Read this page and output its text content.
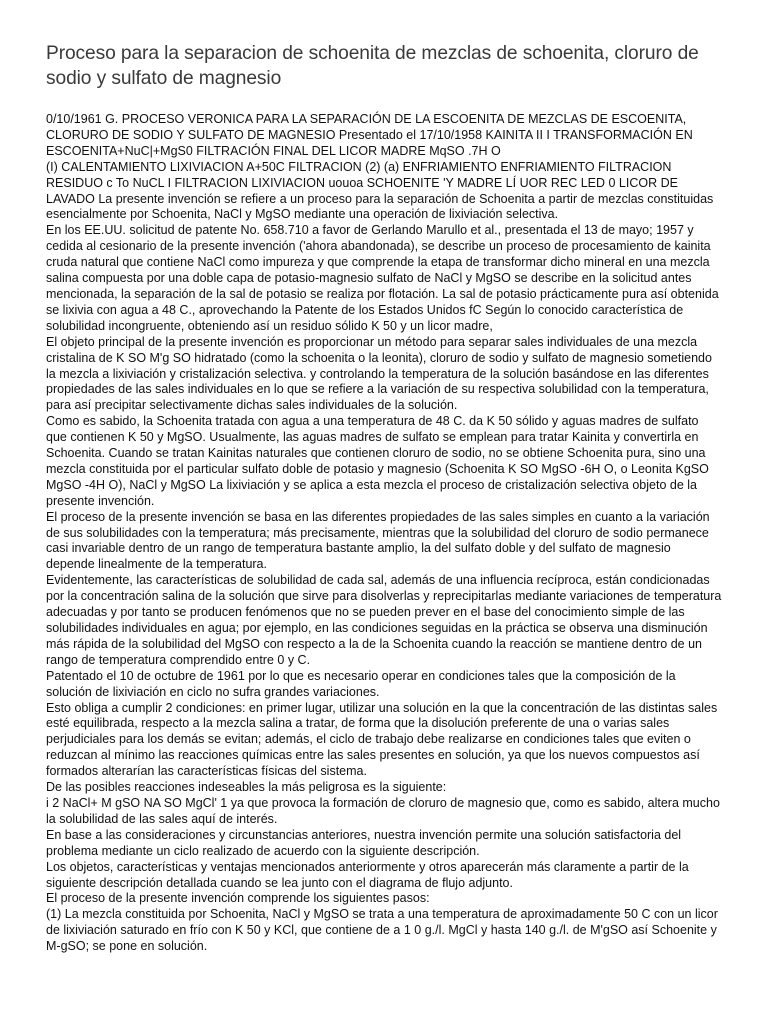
Proceso para la separacion de schoenita de mezclas de schoenita, cloruro de sodio y sulfato de magnesio

0/10/1961 G. PROCESO VERONICA PARA LA SEPARACIÓN DE LA ESCOENITA DE MEZCLAS DE ESCOENITA, CLORURO DE SODIO Y SULFATO DE MAGNESIO Presentado el 17/10/1958 KAINITA II I TRANSFORMACIÓN EN ESCOENITA+NuC|+MgS0 FILTRACIÓN FINAL DEL LICOR MADRE MqSO .7H O

(I) CALENTAMIENTO LIXIVIACION A+50C FILTRACION (2) (a) ENFRIAMIENTO ENFRIAMIENTO FILTRACION RESIDUO c To NuCL I FILTRACION LIXIVIACION uouoa SCHOENITE 'Y MADRE LÍ UOR REC LED 0 LICOR DE LAVADO La presente invención se refiere a un proceso para la separación de Schoenita a partir de mezclas constituidas esencialmente por Schoenita, NaCl y MgSO mediante una operación de lixiviación selectiva.

En los EE.UU. solicitud de patente No. 658.710 a favor de Gerlando Marullo et al., presentada el 13 de mayo; 1957 y cedida al cesionario de la presente invención ('ahora abandonada), se describe un proceso de procesamiento de kainita cruda natural que contiene NaCl como impureza y que comprende la etapa de transformar dicho mineral en una mezcla salina compuesta por una doble capa de potasio-magnesio sulfato de NaCl y MgSO se describe en la solicitud antes mencionada, la separación de la sal de potasio se realiza por flotación. La sal de potasio prácticamente pura así obtenida se lixivia con agua a 48 C., aprovechando la Patente de los Estados Unidos fC Según lo conocido característica de solubilidad incongruente, obteniendo así un residuo sólido K 50 y un licor madre,

El objeto principal de la presente invención es proporcionar un método para separar sales individuales de una mezcla cristalina de K SO M'g SO hidratado (como la schoenita o la leonita), cloruro de sodio y sulfato de magnesio sometiendo la mezcla a lixiviación y cristalización selectiva. y controlando la temperatura de la solución basándose en las diferentes propiedades de las sales individuales en lo que se refiere a la variación de su respectiva solubilidad con la temperatura, para así precipitar selectivamente dichas sales individuales de la solución.

Como es sabido, la Schoenita tratada con agua a una temperatura de 48 C. da K 50 sólido y aguas madres de sulfato que contienen K 50 y MgSO. Usualmente, las aguas madres de sulfato se emplean para tratar Kainita y convertirla en Schoenita. Cuando se tratan Kainitas naturales que contienen cloruro de sodio, no se obtiene Schoenita pura, sino una mezcla constituida por el particular sulfato doble de potasio y magnesio (Schoenita K SO MgSO -6H O, o Leonita KgSO MgSO -4H O), NaCl y MgSO La lixiviación y se aplica a esta mezcla el proceso de cristalización selectiva objeto de la presente invención.

El proceso de la presente invención se basa en las diferentes propiedades de las sales simples en cuanto a la variación de sus solubilidades con la temperatura; más precisamente, mientras que la solubilidad del cloruro de sodio permanece casi invariable dentro de un rango de temperatura bastante amplio, la del sulfato doble y del sulfato de magnesio depende linealmente de la temperatura.

Evidentemente, las características de solubilidad de cada sal, además de una influencia recíproca, están condicionadas por la concentración salina de la solución que sirve para disolverlas y reprecipitarlas mediante variaciones de temperatura adecuadas y por tanto se producen fenómenos que no se pueden prever en el base del conocimiento simple de las solubilidades individuales en agua; por ejemplo, en las condiciones seguidas en la práctica se observa una disminución más rápida de la solubilidad del MgSO con respecto a la de la Schoenita cuando la reacción se mantiene dentro de un rango de temperatura comprendido entre 0 y C.

Patentado el 10 de octubre de 1961 por lo que es necesario operar en condiciones tales que la composición de la solución de lixiviación en ciclo no sufra grandes variaciones.

Esto obliga a cumplir 2 condiciones: en primer lugar, utilizar una solución en la que la concentración de las distintas sales esté equilibrada, respecto a la mezcla salina a tratar, de forma que la disolución preferente de una o varias sales perjudiciales para los demás se evitan; además, el ciclo de trabajo debe realizarse en condiciones tales que eviten o reduzcan al mínimo las reacciones químicas entre las sales presentes en solución, ya que los nuevos compuestos así formados alterarían las características físicas del sistema.

De las posibles reacciones indeseables la más peligrosa es la siguiente:

i 2 NaCl+ M gSO NA SO MgCl' 1 ya que provoca la formación de cloruro de magnesio que, como es sabido, altera mucho la solubilidad de las sales aquí de interés.

En base a las consideraciones y circunstancias anteriores, nuestra invención permite una solución satisfactoria del problema mediante un ciclo realizado de acuerdo con la siguiente descripción.

Los objetos, características y ventajas mencionados anteriormente y otros aparecerán más claramente a partir de la siguiente descripción detallada cuando se lea junto con el diagrama de flujo adjunto.

El proceso de la presente invención comprende los siguientes pasos:

(1) La mezcla constituida por Schoenita, NaCl y MgSO se trata a una temperatura de aproximadamente 50 C con un licor de lixiviación saturado en frío con K 50 y KCl, que contiene de a 1 0 g./l. MgCl y hasta 140 g./l. de M'gSO así Schoenite y M-gSO; se pone en solución.
